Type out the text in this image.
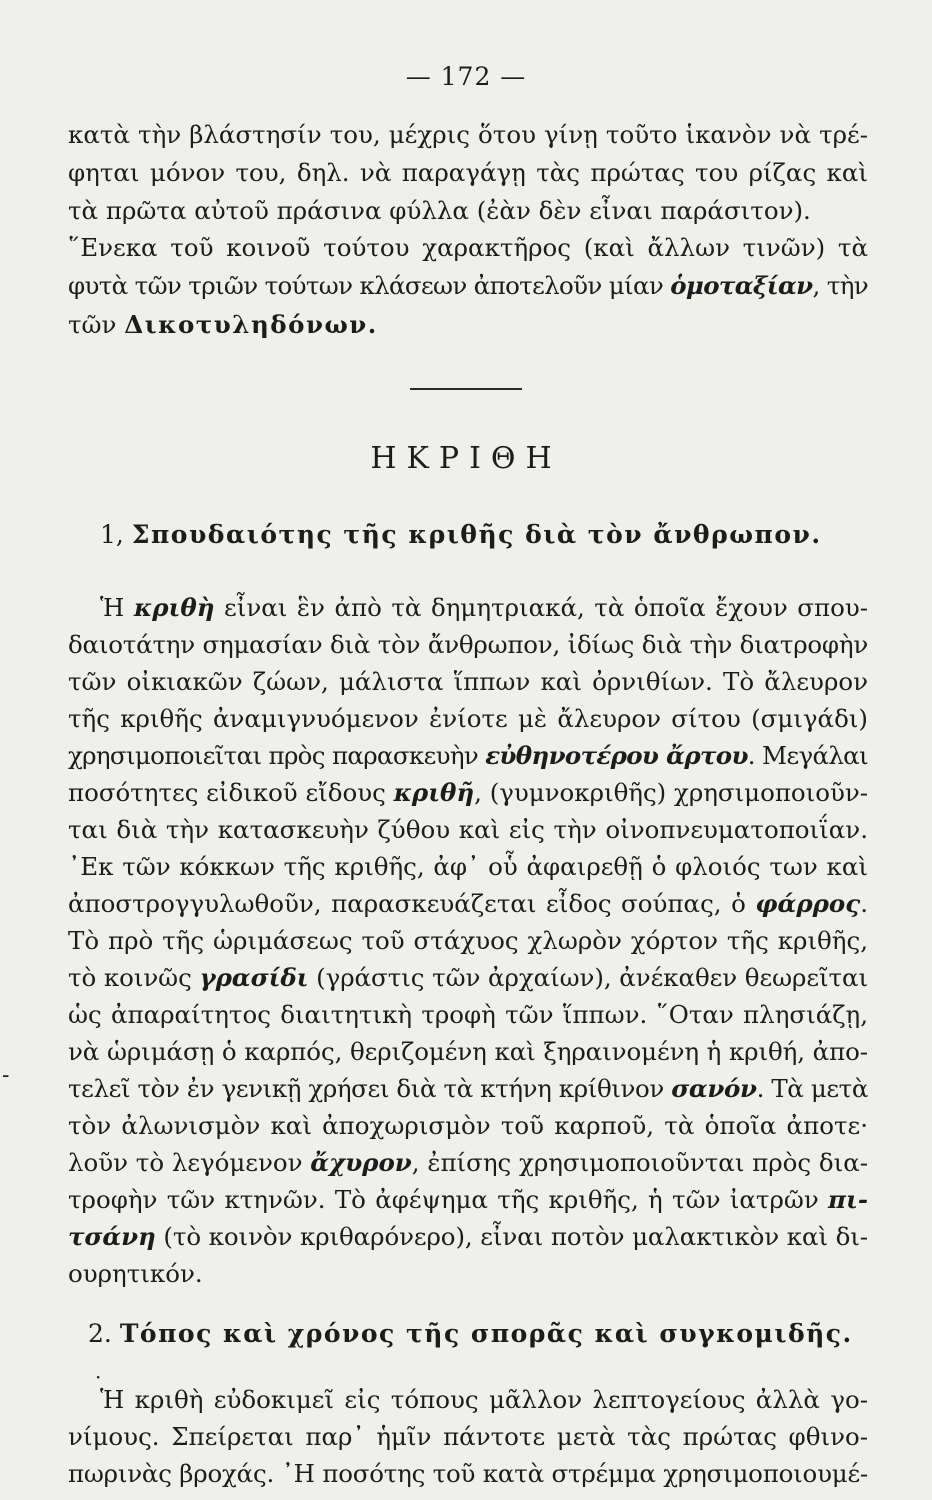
— 172 —
κατὰ τὴν βλάστησίν του, μέχρις ὅτου γίνῃ τοῦτο ἱκανὸν νὰ τρέ-
φηται μόνον του, δηλ. νὰ παραγάγῃ τὰς πρώτας του ρίζας καὶ
τὰ πρῶτα αὐτοῦ πράσινα φύλλα (ἐὰν δὲν εἶναι παράσιτον).
῞Ενεκα τοῦ κοινοῦ τούτου χαρακτῆρος (καὶ ἄλλων τινῶν) τὰ
φυτὰ τῶν τριῶν τούτων κλάσεων ἀποτελοῦν μίαν ὁμοταξίαν, τὴν
τῶν Δικοτυληδόνων.
ΗΚΡΙΘΗ
1, Σπουδαιότης τῆς κριθῆς διὰ τὸν ἄνθρωπον.
Ἡ κριθὴ εἶναι ἓν ἀπὸ τὰ δημητριακά, τὰ ὁποῖα ἔχουν σπου-
δαιοτάτην σημασίαν διὰ τὸν ἄνθρωπον, ἰδίως διὰ τὴν διατροφὴν
τῶν οἰκιακῶν ζώων, μάλιστα ἵππων καὶ ὀρνιθίων. Τὸ ἄλευρον
τῆς κριθῆς ἀναμιγνυόμενον ἐνίοτε μὲ ἄλευρον σίτου (σμιγάδι)
χρησιμοποιεῖται πρὸς παρασκευὴν εὐθηνοτέρου ἄρτου. Μεγάλαι
ποσότητες εἰδικοῦ εἴδους κριθῆ, (γυμνοκριθῆς) χρησιμοποιοῦν-
ται διὰ τὴν κατασκευὴν ζύθου καὶ εἰς τὴν οἰνοπνευματοποιΐαν.
᾿Εκ τῶν κόκκων τῆς κριθῆς, ἀφ᾿ οὗ ἀφαιρεθῇ ὁ φλοιός των καὶ
ἀποστρογγυλωθοῦν, παρασκευάζεται εἶδος σούπας, ὁ φάρρος.
Τὸ πρὸ τῆς ὡριμάσεως τοῦ στάχυος χλωρὸν χόρτον τῆς κριθῆς,
τὸ κοινῶς γρασίδι (γράστις τῶν ἀρχαίων), ἀνέκαθεν θεωρεῖται
ὡς ἀπαραίτητος διαιτητικὴ τροφὴ τῶν ἵππων. ῞Οταν πλησιάζῃ,
νὰ ὡριμάσῃ ὁ καρπός, θεριζομένη καὶ ξηραινομένη ἡ κριθή, ἀπο-
τελεῖ τὸν ἐν γενικῇ χρήσει διὰ τὰ κτήνη κρίθινον σανόν. Τὰ μετὰ
τὸν ἀλωνισμὸν καὶ ἀποχωρισμὸν τοῦ καρποῦ, τὰ ὁποῖα ἀποτε·
λοῦν τὸ λεγόμενον ἄχυρον, ἐπίσης χρησιμοποιοῦνται πρὸς δια-
τροφὴν τῶν κτηνῶν. Τὸ ἀφέψημα τῆς κριθῆς, ἡ τῶν ἰατρῶν πι-
τσάνη (τὸ κοινὸν κριθαρόνερο), εἶναι ποτὸν μαλακτικὸν καὶ δι-
ουρητικόν.
2. Τόπος καὶ χρόνος τῆς σπορᾶς καὶ συγκομιδῆς.
·
-
Ἡ κριθὴ εὐδοκιμεῖ εἰς τόπους μᾶλλον λεπτογείους ἀλλὰ γο-
νίμους. Σπείρεται παρ᾿ ἡμῖν πάντοτε μετὰ τὰς πρώτας φθινο-
πωρινὰς βροχάς. ᾿Η ποσότης τοῦ κατὰ στρέμμα χρησιμοποιουμέ-
